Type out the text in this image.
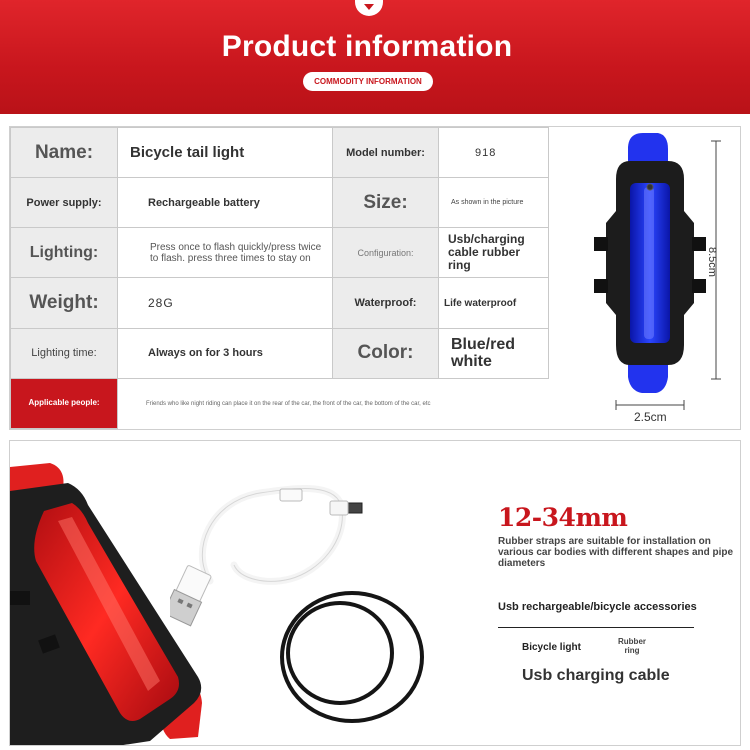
Product information
COMMODITY INFORMATION
Name:	Bicycle tail light	Model number:	918
Power supply:	Rechargeable battery	Size:	As shown in the picture
Lighting:	Press once to flash quickly/press twice to flash. press three times to stay on	Configuration:	Usb/charging cable rubber ring
Weight:	28G	Waterproof:	Life waterproof
Lighting time:	Always on for 3 hours	Color:	Blue/red white
Applicable people:	Friends who like night riding can place it on the rear of the car, the front of the car, the bottom of the car, etc		
8.5cm
2.5cm
12-34mm
Rubber straps are suitable for installation on various car bodies with different shapes and pipe diameters
Usb rechargeable/bicycle accessories
Bicycle light
Rubber ring
Usb charging cable
